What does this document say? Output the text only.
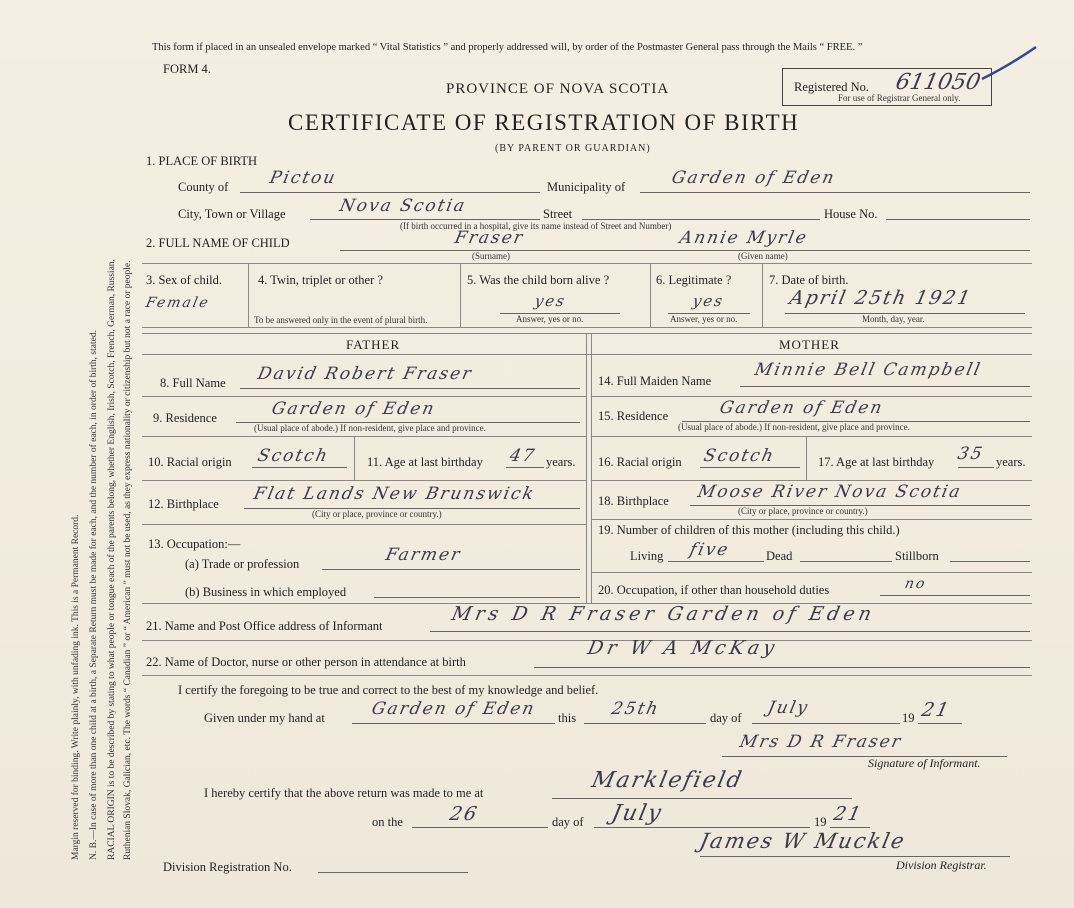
Margin reserved for binding. Write plainly, with unfading ink. This is a Permanent Record. N. B.—In case of more than one child at a birth, a Separate Return must be made for each, and the number of each, in order of birth, stated. RACIAL ORIGIN is to be described by stating to what people or tongue each of the parents belong, whether English, Irish, Scotch, French, German, Russian, Ruthenian Slovak, Galician, etc. The words “ Canadian ” or “ American ” must not be used, as they express nationality or citizenship but not a race or people.
This form if placed in an unsealed envelope marked “ Vital Statistics ” and properly addressed will, by order of the Postmaster General pass through the Mails “ FREE. ”
FORM 4.
PROVINCE OF NOVA SCOTIA
CERTIFICATE OF REGISTRATION OF BIRTH
(BY PARENT OR GUARDIAN)
Registered No. 611050
For use of Registrar General only.
1. PLACE OF BIRTH
County of Pictou	Municipality of	Garden of Eden
City, Town or Village	Nova Scotia	Street	House No.
(If birth occurred in a hospital, give its name instead of Street and Number)
2. FULL NAME OF CHILD	Fraser	Annie Myrle
(Surname)	(Given name)
3. Sex of child.
Female
4. Twin, triplet or other ?
To be answered only in the event of plural birth.
5. Was the child born alive ?
yes
Answer, yes or no.
6. Legitimate ?
yes
Answer, yes or no.
7. Date of birth.
April 25th 1921
Month, day, year.
FATHER	MOTHER
8. Full Name David Robert Fraser
9. Residence	Garden of Eden
(Usual place of abode.) If non-resident, give place and province.
10. Racial origin Scotch	11. Age at last birthday 47 years.
12. Birthplace Flat Lands New Brunswick
(City or place, province or country.)
13. Occupation:—
(a) Trade or profession	Farmer
(b) Business in which employed
14. Full Maiden Name
Minnie Bell Campbell
15. Residence	Garden of Eden
(Usual place of abode.) If non-resident, give place and province.
16. Racial origin Scotch	17. Age at last birthday 35 years.
18. Birthplace Moose River Nova Scotia
(City or place, province or country.)
19. Number of children of this mother (including this child.)
Living five	Dead	Stillborn
20. Occupation, if other than household duties	no
21. Name and Post Office address of Informant
Mrs D R Fraser Garden of Eden
22. Name of Doctor, nurse or other person in attendance at birth
Dr W A McKay
I certify the foregoing to be true and correct to the best of my knowledge and belief.
Given under my hand at	Garden of Eden this 25th	day of July	19 21
Mrs D R Fraser
Signature of Informant.
I hereby certify that the above return was made to me at	Marklefield
on the 26	day of July	19 21
Division Registration No.
James W Muckle
Division Registrar.
